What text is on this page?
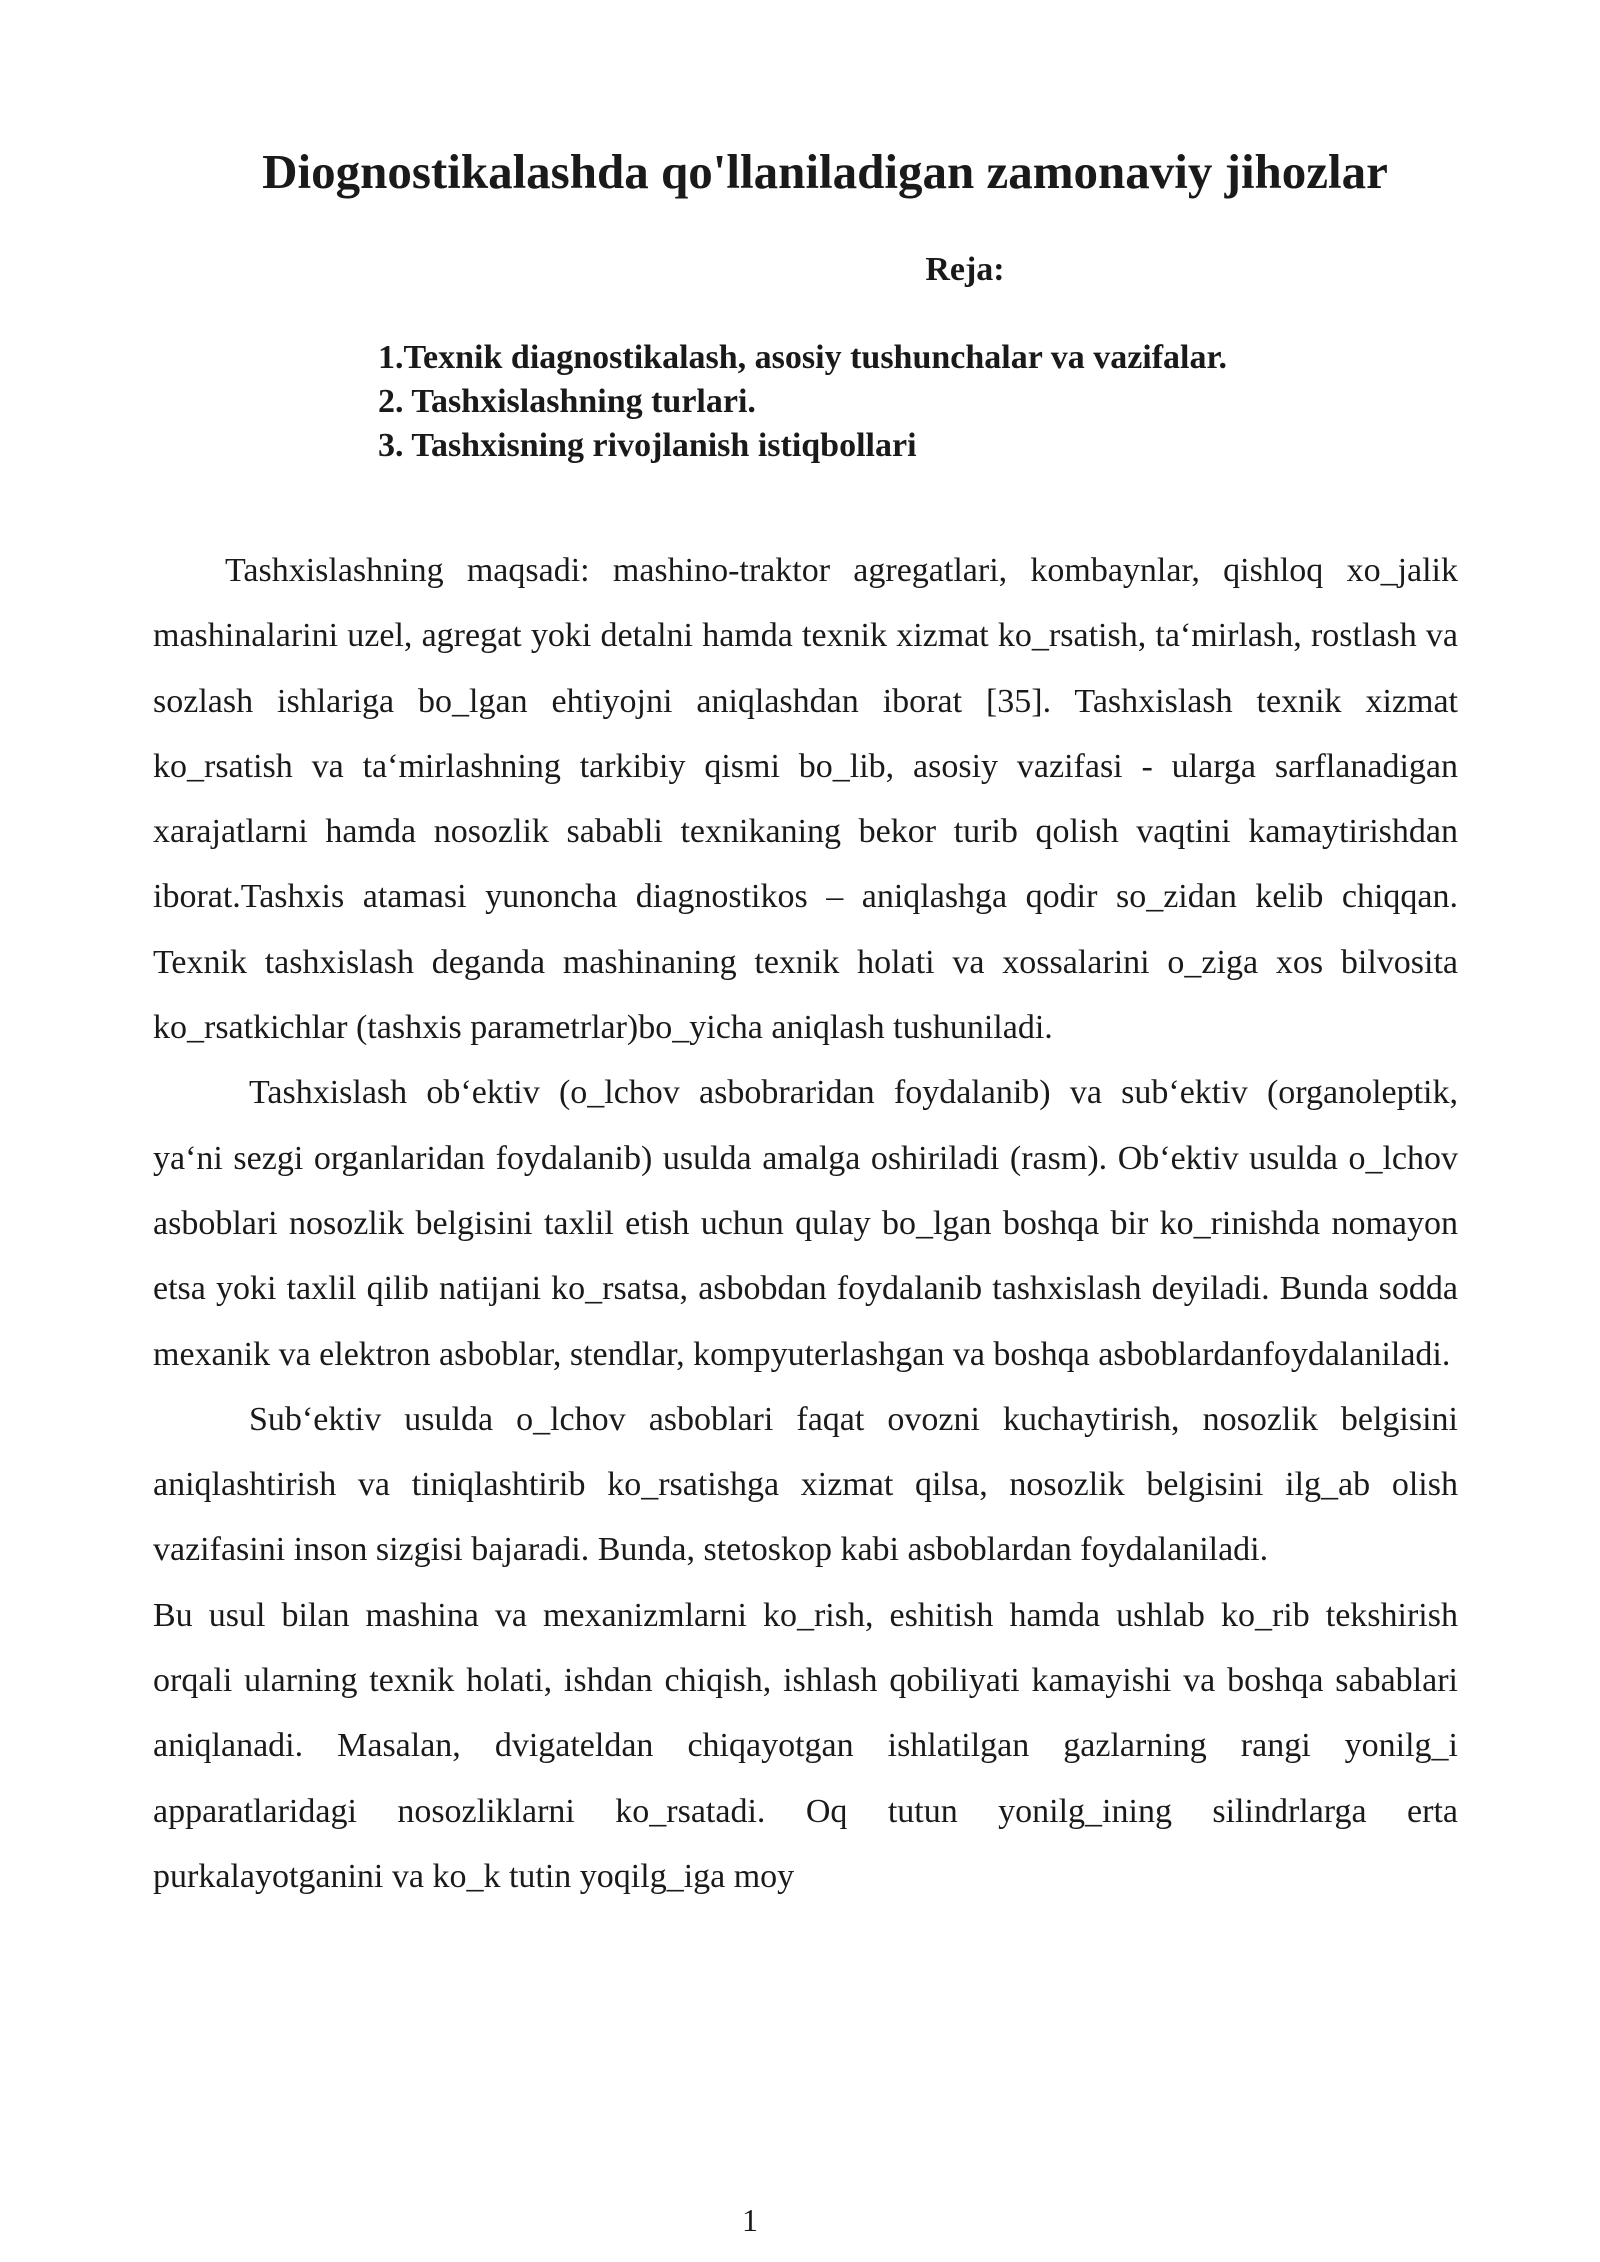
Diognostikalashda qo'llaniladigan zamonaviy jihozlar
Reja:
1.Texnik diagnostikalash, asosiy tushunchalar va vazifalar.
2. Tashxislashning turlari.
3. Tashxisning rivojlanish istiqbollari

Tashxislashning maqsadi: mashino-traktor agregatlari, kombaynlar, qishloq xo_jalik mashinalarini uzel, agregat yoki detalni hamda texnik xizmat ko_rsatish, ta‘mirlash, rostlash va sozlash ishlariga bo_lgan ehtiyojni aniqlashdan iborat [35]. Tashxislash texnik xizmat ko_rsatish va ta‘mirlashning tarkibiy qismi bo_lib, asosiy vazifasi - ularga sarflanadigan xarajatlarni hamda nosozlik sababli texnikaning bekor turib qolish vaqtini kamaytirishdan iborat.Tashxis atamasi yunoncha diagnostikos – aniqlashga qodir so_zidan kelib chiqqan. Texnik tashxislash deganda mashinaning texnik holati va xossalarini o_ziga xos bilvosita ko_rsatkichlar (tashxis parametrlar)bo_yicha aniqlash tushuniladi.

Tashxislash ob‘ektiv (o_lchov asbobraridan foydalanib) va sub‘ektiv (organoleptik, ya‘ni sezgi organlaridan foydalanib) usulda amalga oshiriladi (rasm). Ob‘ektiv usulda o_lchov asboblari nosozlik belgisini taxlil etish uchun qulay bo_lgan boshqa bir ko_rinishda nomayon etsa yoki taxlil qilib natijani ko_rsatsa, asbobdan foydalanib tashxislash deyiladi. Bunda sodda mexanik va elektron asboblar, stendlar, kompyuterlashgan va boshqa asboblardanfoydalaniladi.

Sub‘ektiv usulda o_lchov asboblari faqat ovozni kuchaytirish, nosozlik belgisini aniqlashtirish va tiniqlashtirib ko_rsatishga xizmat qilsa, nosozlik belgisini ilg_ab olish vazifasini inson sizgisi bajaradi. Bunda, stetoskop kabi asboblardan foydalaniladi.

Bu usul bilan mashina va mexanizmlarni ko_rish, eshitish hamda ushlab ko_rib tekshirish orqali ularning texnik holati, ishdan chiqish, ishlash qobiliyati kamayishi va boshqa sabablari aniqlanadi. Masalan, dvigateldan chiqayotgan ishlatilgan gazlarning rangi yonilg_i apparatlaridagi nosozliklarni ko_rsatadi. Oq tutun yonilg_ining silindrlarga erta purkalayotganini va ko_k tutin yoqilg_iga moy

1
